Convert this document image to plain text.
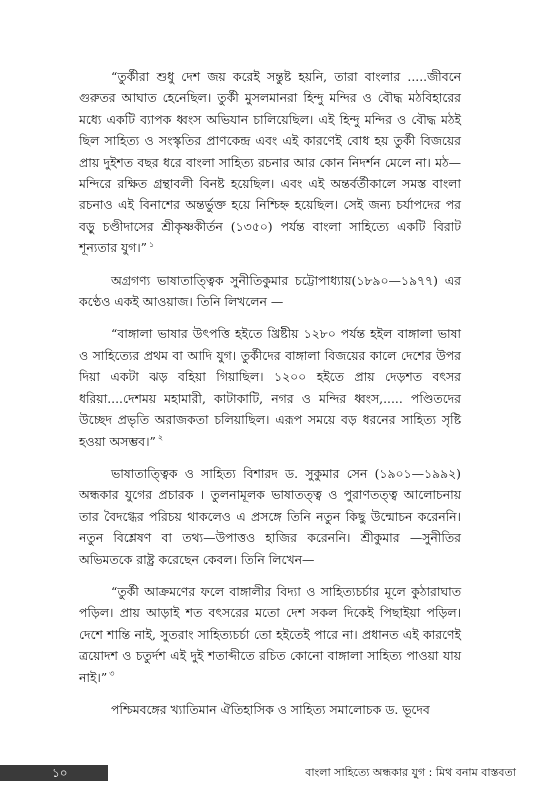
“তুর্কীরা শুধু দেশ জয় করেই সন্তুষ্ট হয়নি, তারা বাংলার .....জীবনে গুরুতর আঘাত হেনেছিল। তুর্কী মুসলমানরা হিন্দু মন্দির ও বৌদ্ধ মঠবিহারের মধ্যে একটি ব্যাপক ধ্বংস অভিযান চালিয়েছিল। এই হিন্দু মন্দির ও বৌদ্ধ মঠই ছিল সাহিত্য ও সংস্কৃতির প্রাণকেন্দ্র এবং এই কারণেই বোধ হয় তুর্কী বিজয়ের প্রায় দুইশত বছর ধরে বাংলা সাহিত্য রচনার আর কোন নিদর্শন মেলে না। মঠ—মন্দিরে রক্ষিত গ্রন্থাবলী বিনষ্ট হয়েছিল। এবং এই অন্তর্বর্তীকালে সমস্ত বাংলা রচনাও এই বিনাশের অন্তর্ভুক্ত হয়ে নিশ্চিহ্ন হয়েছিল। সেই জন্য চর্যাপদের পর বড়ু চণ্ডীদাসের শ্রীকৃষ্ণকীর্তন (১৩৫০) পর্যন্ত বাংলা সাহিত্যে একটি বিরাট শূন্যতার যুগ।” $^১$

অগ্রগণ্য ভাষাতাত্ত্বিক সুনীতিকুমার চট্টোপাধ্যায়(১৮৯০—১৯৭৭) এর কণ্ঠেও একই আওয়াজ। তিনি লিখলেন —

“বাঙ্গালা ভাষার উৎপত্তি হইতে খ্রিষ্টীয় ১২৮০ পর্যন্ত হইল বাঙ্গালা ভাষা ও সাহিত্যের প্রথম বা আদি যুগ। তুর্কীদের বাঙ্গালা বিজয়ের কালে দেশের উপর দিয়া একটা ঝড় বহিয়া গিয়াছিল। ১২০০ হইতে প্রায় দেড়শত বৎসর ধরিয়া....দেশময় মহামারী, কাটাকাটি, নগর ও মন্দির ধ্বংস,..... পণ্ডিতদের উচ্ছেদ প্রভৃতি অরাজকতা চলিয়াছিল। এরূপ সময়ে বড় ধরনের সাহিত্য সৃষ্টি হওয়া অসম্ভব।” $^২$

ভাষাতাত্ত্বিক ও সাহিত্য বিশারদ ড. সুকুমার সেন (১৯০১—১৯৯২) অন্ধকার যুগের প্রচারক । তুলনামূলক ভাষাতত্ত্ব ও পুরাণতত্ত্ব আলোচনায় তার বৈদগ্ধের পরিচয় থাকলেও এ প্রসঙ্গে তিনি নতুন কিছু উন্মোচন করেননি। নতুন বিশ্লেষণ বা তথ্য—উপাত্তও হাজির করেননি। শ্রীকুমার —সুনীতির অভিমতকে রাষ্ট্র করেছেন কেবল। তিনি লিখেন—

“তুর্কী আক্রমণের ফলে বাঙ্গালীর বিদ্যা ও সাহিত্যচর্চার মূলে কুঠারাঘাত পড়িল। প্রায় আড়াই শত বৎসরের মতো দেশ সকল দিকেই পিছাইয়া পড়িল। দেশে শান্তি নাই, সুতরাং সাহিত্যচর্চা তো হইতেই পারে না। প্রধানত এই কারণেই ত্রয়োদশ ও চতুর্দশ এই দুই শতাব্দীতে রচিত কোনো বাঙ্গালা সাহিত্য পাওয়া যায় নাই।” $^৩$

পশ্চিমবঙ্গের খ্যাতিমান ঐতিহাসিক ও সাহিত্য সমালোচক ড. ভূদেব

১০	বাংলা সাহিত্যে অন্ধকার যুগ : মিথ বনাম বাস্তবতা
